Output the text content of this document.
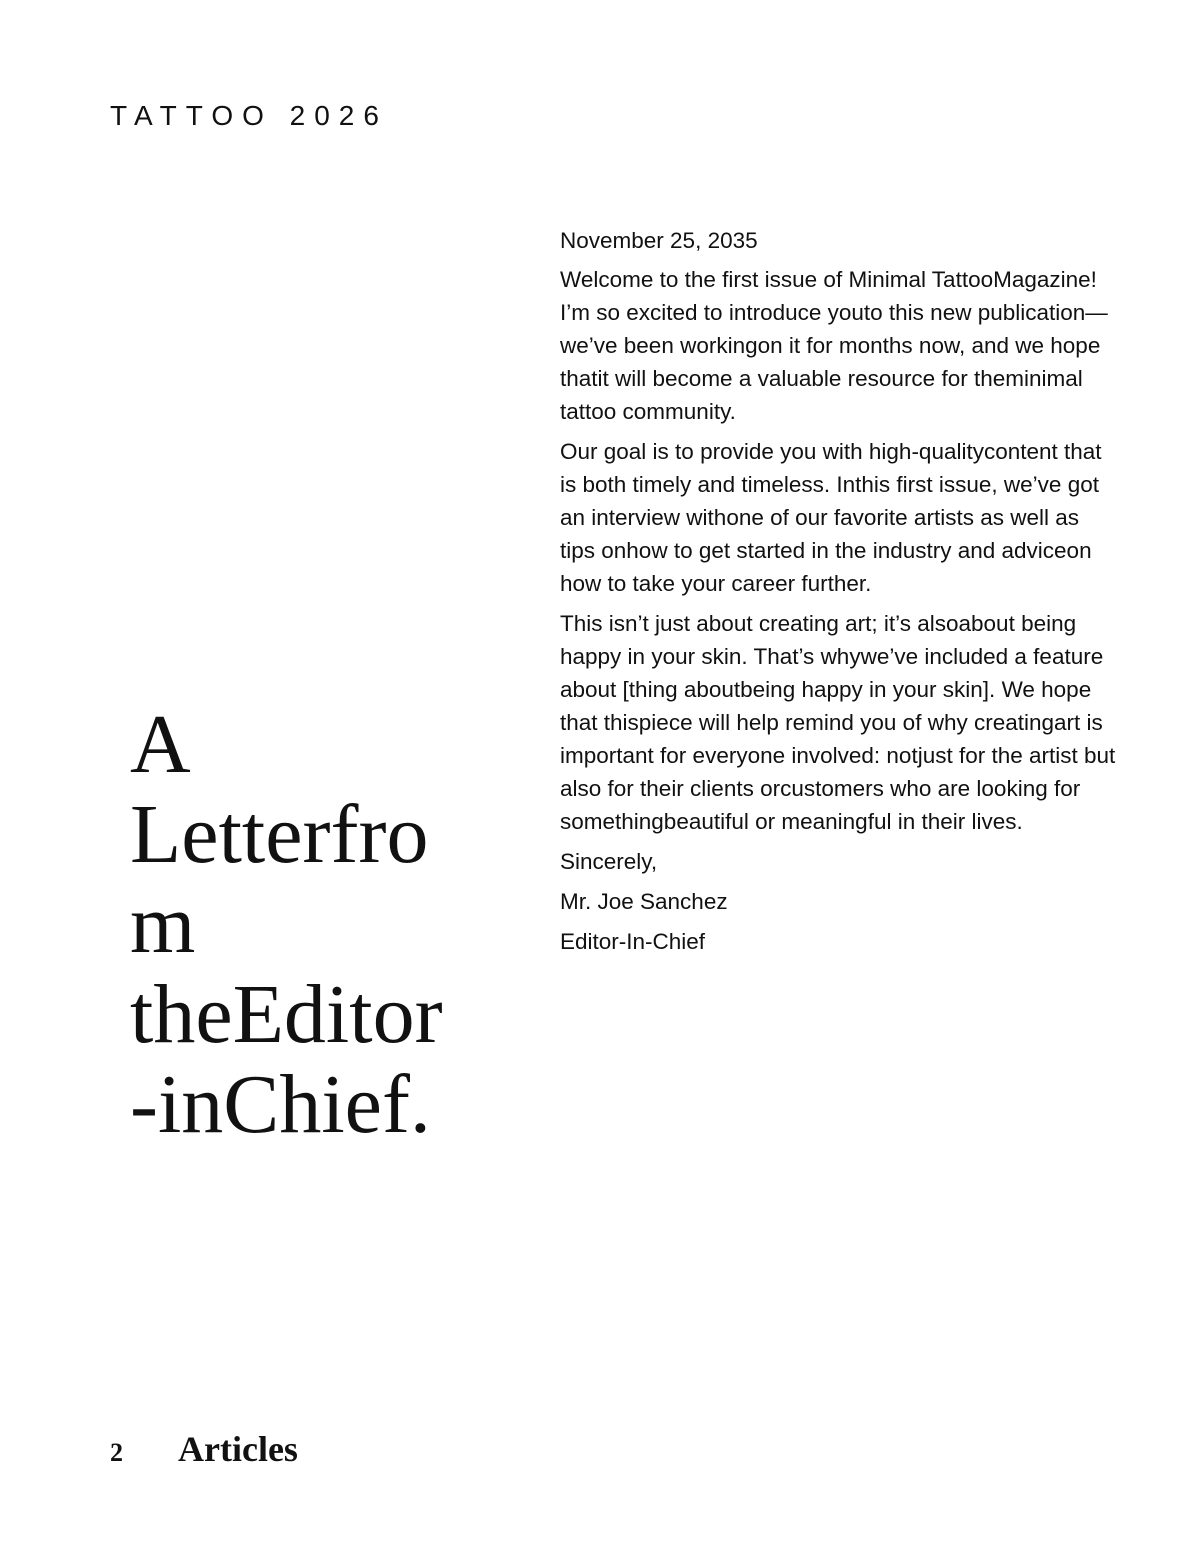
TATTOO 2026
A
Letterfro
m
theEditor
-inChief.
November 25, 2035

Welcome to the first issue of Minimal TattooMagazine! I’m so excited to introduce youto this new publication—we’ve been workingon it for months now, and we hope thatit will become a valuable resource for theminimal tattoo community.

Our goal is to provide you with high-qualitycontent that is both timely and timeless. Inthis first issue, we’ve got an interview withone of our favorite artists as well as tips onhow to get started in the industry and adviceon how to take your career further.

This isn’t just about creating art; it’s alsoabout being happy in your skin. That’s whywe’ve included a feature about [thing aboutbeing happy in your skin]. We hope that thispiece will help remind you of why creatingart is important for everyone involved: notjust for the artist but also for their clients orcustomers who are looking for somethingbeautiful or meaningful in their lives.

Sincerely,
Mr. Joe Sanchez
Editor-In-Chief
2	Articles
